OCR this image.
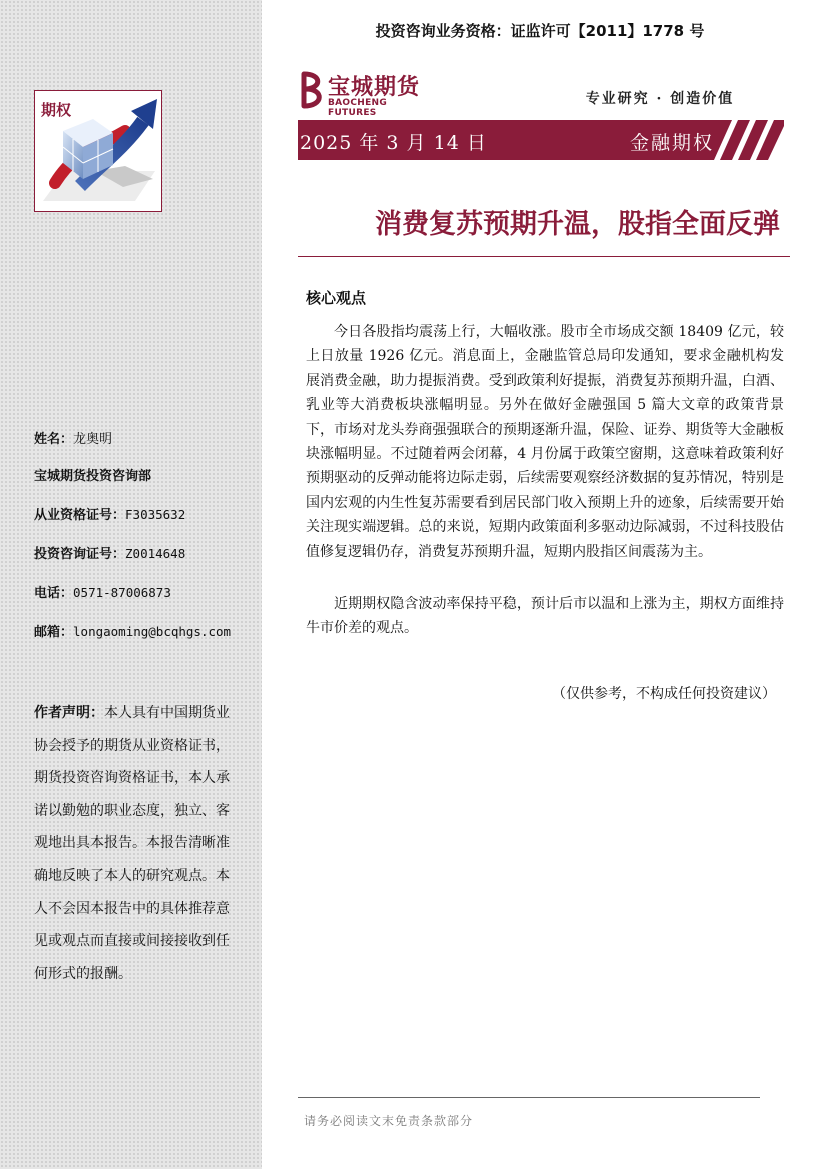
期权
姓名：龙奥明
宝城期货投资咨询部
从业资格证号：F3035632
投资咨询证号：Z0014648
电话：0571-87006873
邮箱：longaoming@bcqhgs.com

作者声明：本人具有中国期货业协会授予的期货从业资格证书，期货投资咨询资格证书，本人承诺以勤勉的职业态度，独立、客观地出具本报告。本报告清晰准确地反映了本人的研究观点。本人不会因本报告中的具体推荐意见或观点而直接或间接接收到任何形式的报酬。

投资咨询业务资格：证监许可【2011】1778 号
宝城期货
BAOCHENG FUTURES
专业研究 · 创造价值
2025 年 3 月 14 日	金融期权
消费复苏预期升温，股指全面反弹
核心观点

今日各股指均震荡上行，大幅收涨。股市全市场成交额 18409 亿元，较上日放量 1926 亿元。消息面上，金融监管总局印发通知，要求金融机构发展消费金融，助力提振消费。受到政策利好提振，消费复苏预期升温，白酒、乳业等大消费板块涨幅明显。另外在做好金融强国 5 篇大文章的政策背景下，市场对龙头券商强强联合的预期逐渐升温，保险、证券、期货等大金融板块涨幅明显。不过随着两会闭幕，4 月份属于政策空窗期，这意味着政策利好预期驱动的反弹动能将边际走弱，后续需要观察经济数据的复苏情况，特别是国内宏观的内生性复苏需要看到居民部门收入预期上升的迹象，后续需要开始关注现实端逻辑。总的来说，短期内政策面利多驱动边际减弱，不过科技股估值修复逻辑仍存，消费复苏预期升温，短期内股指区间震荡为主。

近期期权隐含波动率保持平稳，预计后市以温和上涨为主，期权方面维持牛市价差的观点。

（仅供参考，不构成任何投资建议）
请务必阅读文末免责条款部分
